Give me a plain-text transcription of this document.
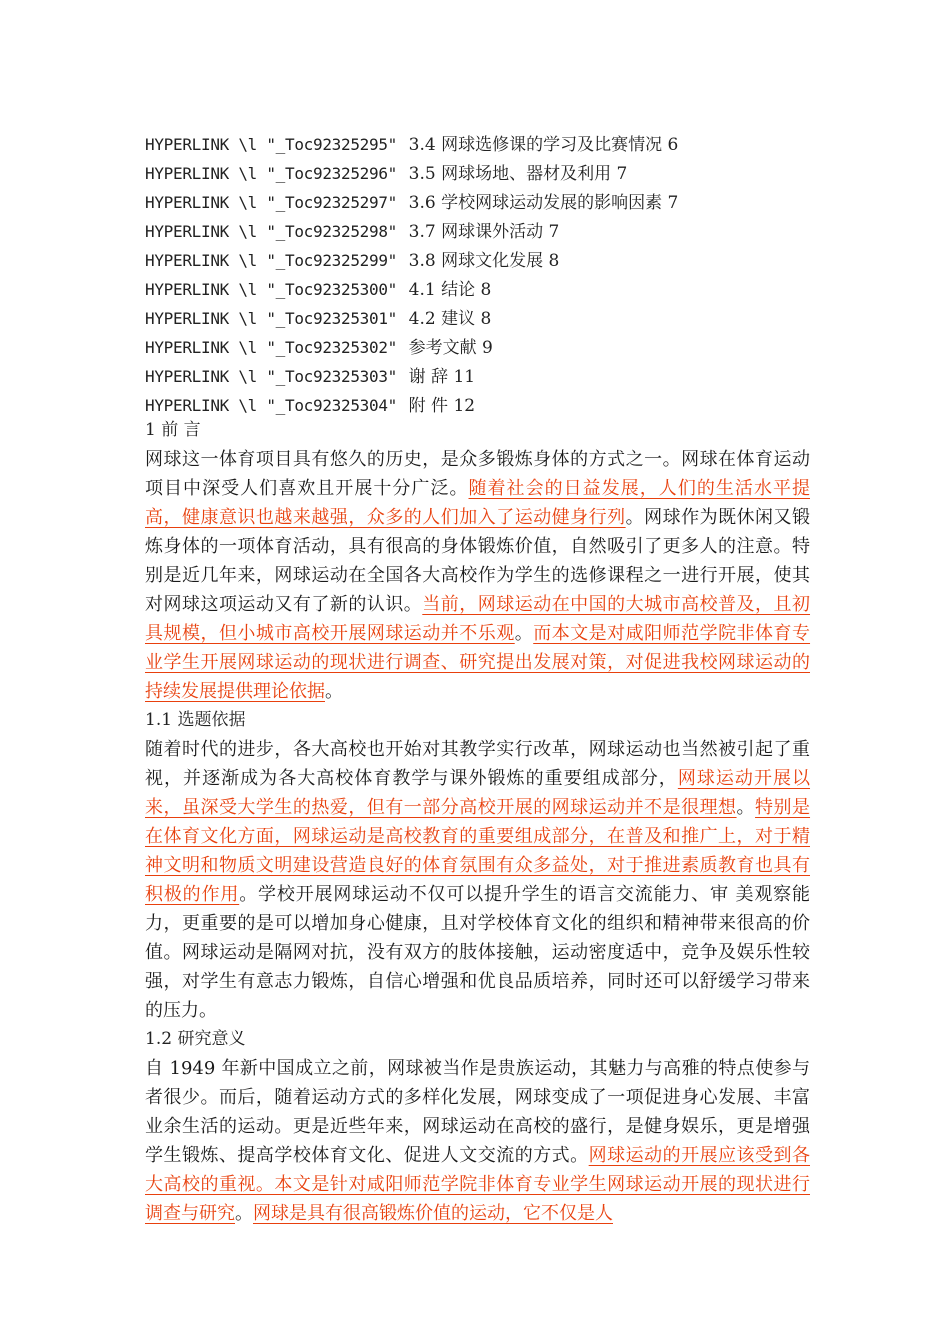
HYPERLINK \l "_Toc92325295" 3.4 网球选修课的学习及比赛情况 6
HYPERLINK \l "_Toc92325296" 3.5 网球场地、器材及利用 7
HYPERLINK \l "_Toc92325297" 3.6 学校网球运动发展的影响因素 7
HYPERLINK \l "_Toc92325298" 3.7 网球课外活动 7
HYPERLINK \l "_Toc92325299" 3.8 网球文化发展 8
HYPERLINK \l "_Toc92325300" 4.1 结论 8
HYPERLINK \l "_Toc92325301" 4.2 建议 8
HYPERLINK \l "_Toc92325302" 参考文献 9
HYPERLINK \l "_Toc92325303" 谢 辞 11
HYPERLINK \l "_Toc92325304" 附 件 12
1 前 言

网球这一体育项目具有悠久的历史，是众多锻炼身体的方式之一。网球在体育运动项目中深受人们喜欢且开展十分广泛。随着社会的日益发展，人们的生活水平提高，健康意识也越来越强，众多的人们加入了运动健身行列。网球作为既休闲又锻炼身体的一项体育活动，具有很高的身体锻炼价值，自然吸引了更多人的注意。特别是近几年来，网球运动在全国各大高校作为学生的选修课程之一进行开展，使其对网球这项运动又有了新的认识。当前，网球运动在中国的大城市高校普及，且初具规模，但小城市高校开展网球运动并不乐观。而本文是对咸阳师范学院非体育专业学生开展网球运动的现状进行调查、研究提出发展对策，对促进我校网球运动的持续发展提供理论依据。

1.1 选题依据

随着时代的进步，各大高校也开始对其教学实行改革，网球运动也当然被引起了重视，并逐渐成为各大高校体育教学与课外锻炼的重要组成部分，网球运动开展以来，虽深受大学生的热爱，但有一部分高校开展的网球运动并不是很理想。特别是在体育文化方面，网球运动是高校教育的重要组成部分，在普及和推广上，对于精神文明和物质文明建设营造良好的体育氛围有众多益处，对于推进素质教育也具有积极的作用。学校开展网球运动不仅可以提升学生的语言交流能力、审 美观察能力，更重要的是可以增加身心健康，且对学校体育文化的组织和精神带来很高的价值。网球运动是隔网对抗，没有双方的肢体接触，运动密度适中，竞争及娱乐性较强，对学生有意志力锻炼，自信心增强和优良品质培养，同时还可以舒缓学习带来的压力。

1.2 研究意义

自 1949 年新中国成立之前，网球被当作是贵族运动，其魅力与高雅的特点使参与者很少。而后，随着运动方式的多样化发展，网球变成了一项促进身心发展、丰富业余生活的运动。更是近些年来，网球运动在高校的盛行，是健身娱乐，更是增强学生锻炼、提高学校体育文化、促进人文交流的方式。网球运动的开展应该受到各大高校的重视。本文是针对咸阳师范学院非体育专业学生网球运动开展的现状进行调查与研究。网球是具有很高锻炼价值的运动，它不仅是人
